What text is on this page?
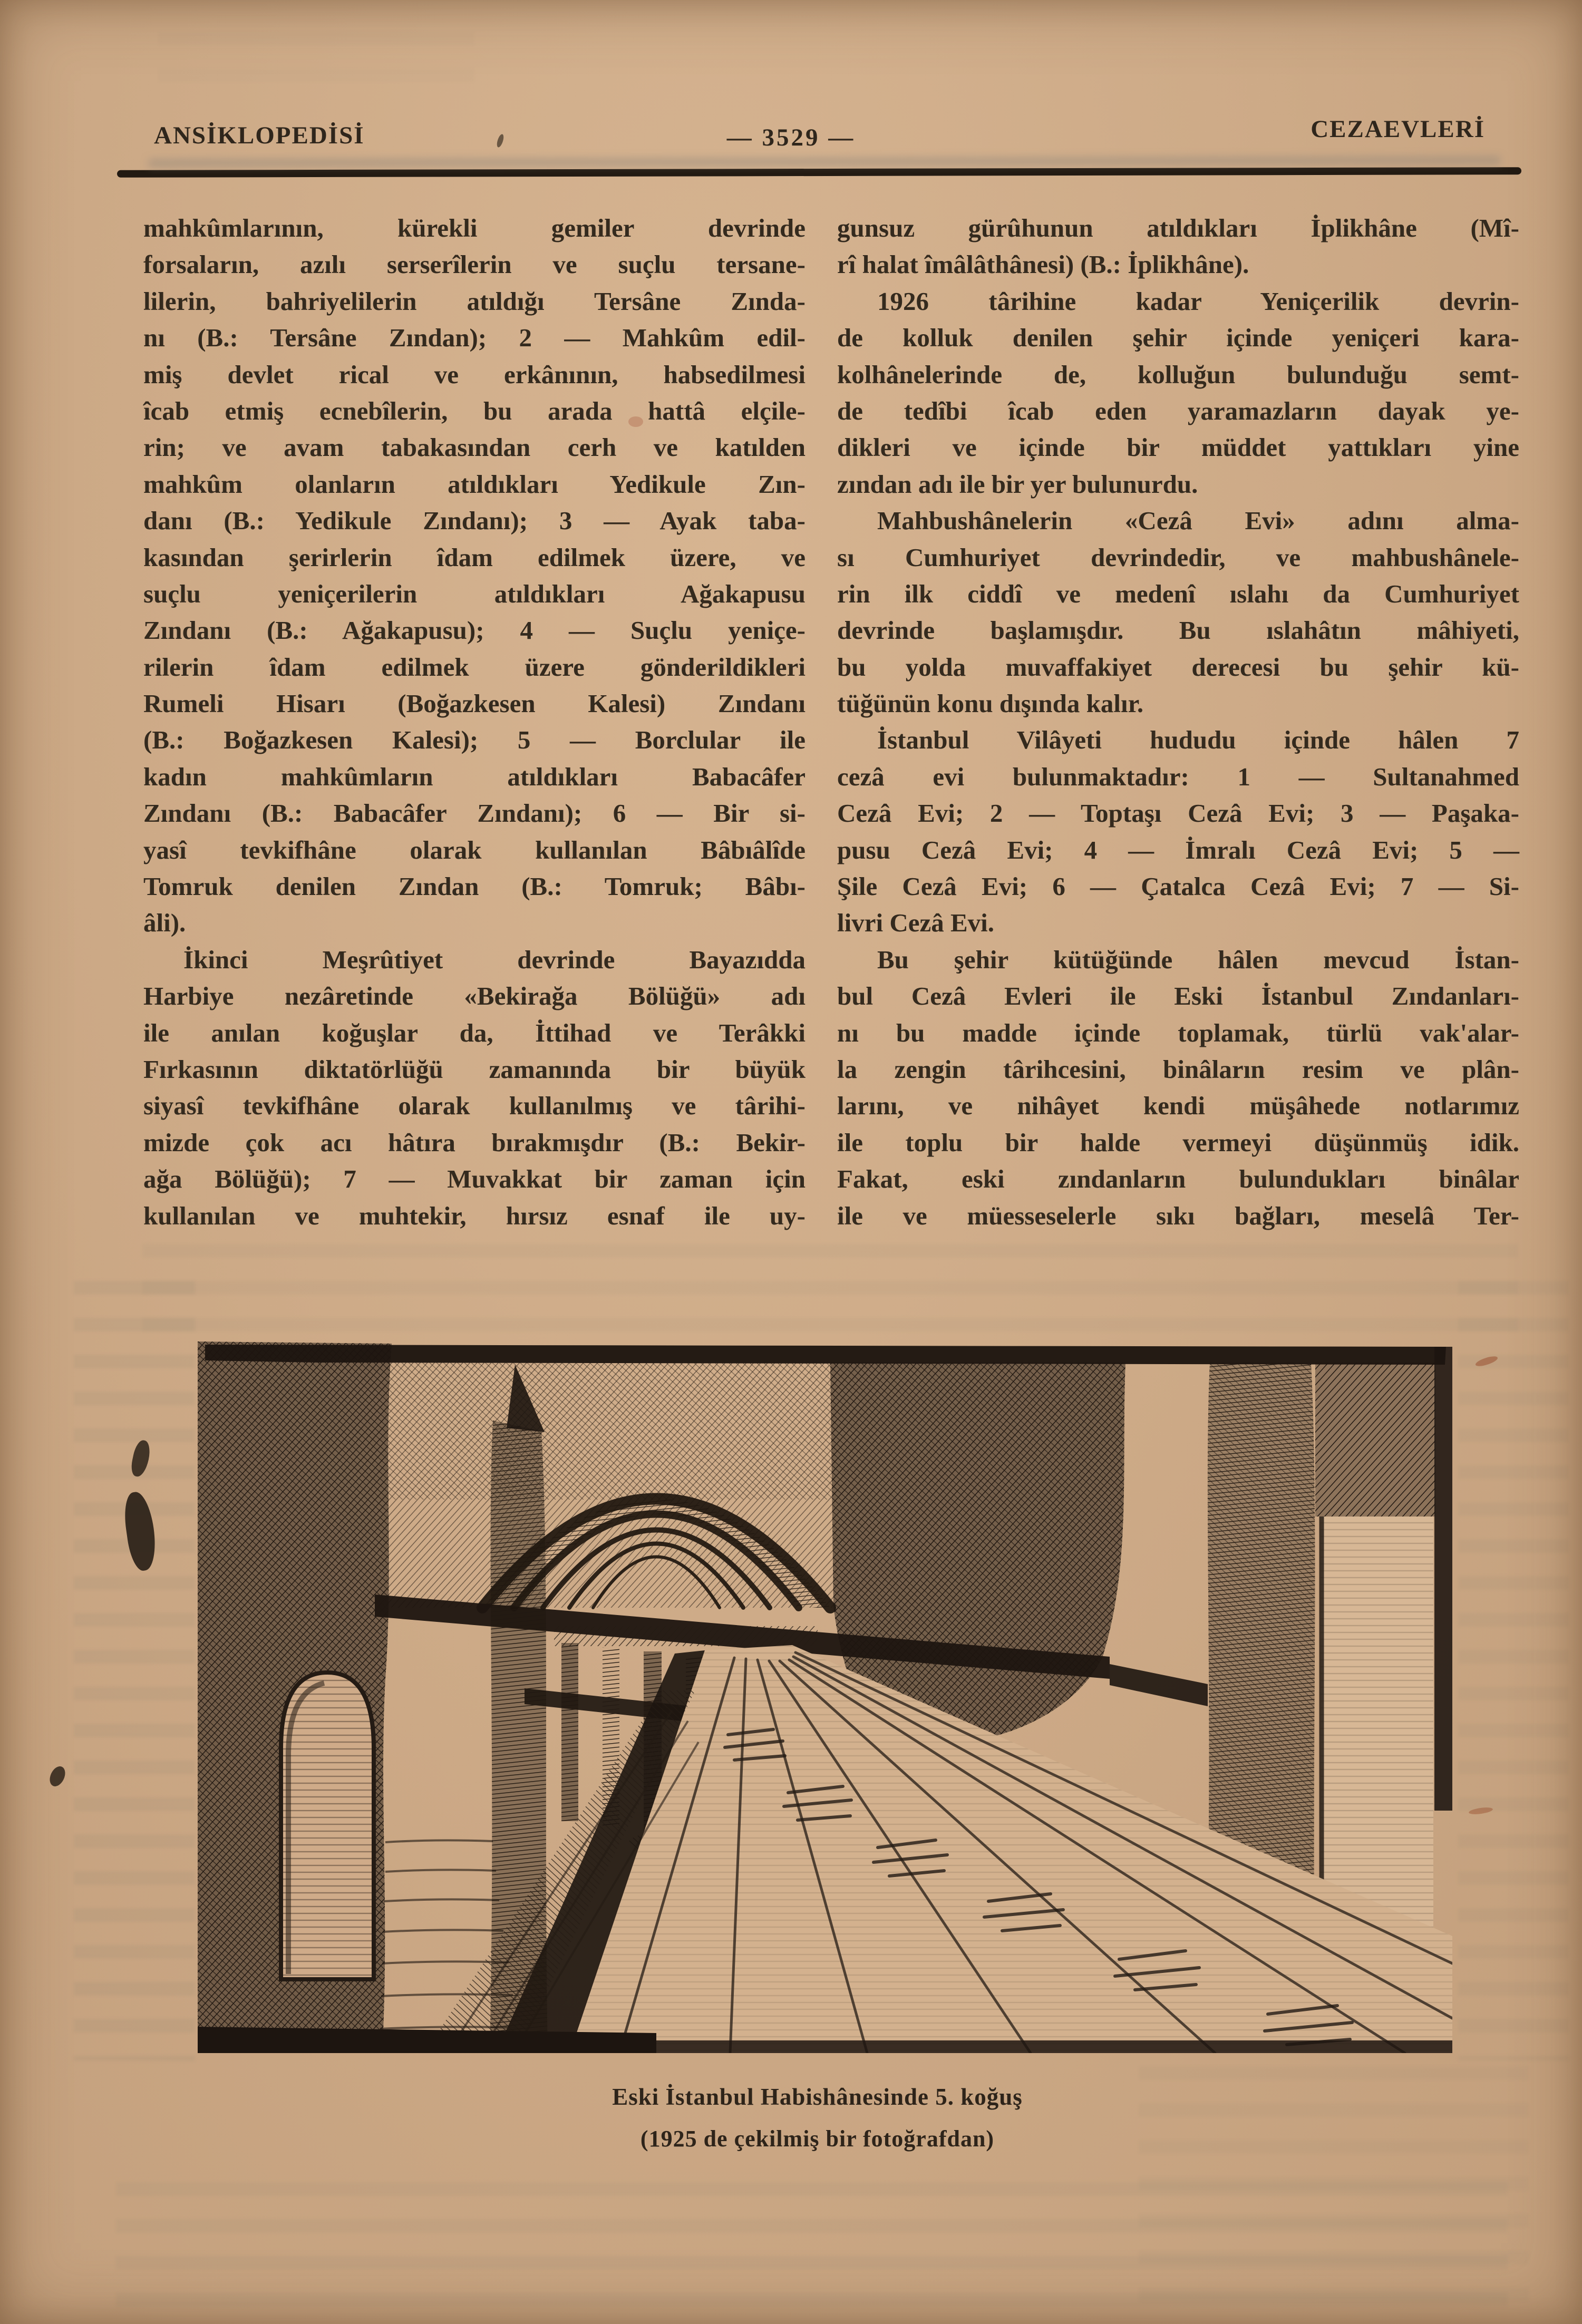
ANSİKLOPEDİSİ	— 3529 —	CEZAEVLERİ
mahkûmlarının, kürekli gemiler devrinde
forsaların, azılı serserîlerin ve suçlu tersane-
lilerin, bahriyelilerin atıldığı Tersâne Zında-
nı (B.: Tersâne Zından); 2 — Mahkûm edil-
miş devlet rical ve erkânının, habsedilmesi
îcab etmiş ecnebîlerin, bu arada hattâ elçile-
rin; ve avam tabakasından cerh ve katılden
mahkûm olanların atıldıkları Yedikule Zın-
danı (B.: Yedikule Zındanı); 3 — Ayak taba-
kasından şerirlerin îdam edilmek üzere, ve
suçlu yeniçerilerin atıldıkları Ağakapusu
Zındanı (B.: Ağakapusu); 4 — Suçlu yeniçe-
rilerin îdam edilmek üzere gönderildikleri
Rumeli Hisarı (Boğazkesen Kalesi) Zındanı
(B.: Boğazkesen Kalesi); 5 — Borclular ile
kadın mahkûmların atıldıkları Babacâfer
Zındanı (B.: Babacâfer Zındanı); 6 — Bir si-
yasî tevkifhâne olarak kullanılan Bâbıâlîde
Tomruk denilen Zından (B.: Tomruk; Bâbı-
âli).
İkinci Meşrûtiyet devrinde Bayazıdda
Harbiye nezâretinde «Bekirağa Bölüğü» adı
ile anılan koğuşlar da, İttihad ve Terâkki
Fırkasının diktatörlüğü zamanında bir büyük
siyasî tevkifhâne olarak kullanılmış ve târihi-
mizde çok acı hâtıra bırakmışdır (B.: Bekir-
ağa Bölüğü); 7 — Muvakkat bir zaman için
kullanılan ve muhtekir, hırsız esnaf ile uy-
gunsuz gürûhunun atıldıkları İplikhâne (Mî-
rî halat îmâlâthânesi) (B.: İplikhâne).
1926 târihine kadar Yeniçerilik devrin-
de kolluk denilen şehir içinde yeniçeri kara-
kolhânelerinde de, kolluğun bulunduğu semt-
de tedîbi îcab eden yaramazların dayak ye-
dikleri ve içinde bir müddet yattıkları yine
zından adı ile bir yer bulunurdu.
Mahbushânelerin «Cezâ Evi» adını alma-
sı Cumhuriyet devrindedir, ve mahbushânele-
rin ilk ciddî ve medenî ıslahı da Cumhuriyet
devrinde başlamışdır. Bu ıslahâtın mâhiyeti,
bu yolda muvaffakiyet derecesi bu şehir kü-
tüğünün konu dışında kalır.
İstanbul Vilâyeti hududu içinde hâlen 7
cezâ evi bulunmaktadır: 1 — Sultanahmed
Cezâ Evi; 2 — Toptaşı Cezâ Evi; 3 — Paşaka-
pusu Cezâ Evi; 4 — İmralı Cezâ Evi; 5 —
Şile Cezâ Evi; 6 — Çatalca Cezâ Evi; 7 — Si-
livri Cezâ Evi.
Bu şehir kütüğünde hâlen mevcud İstan-
bul Cezâ Evleri ile Eski İstanbul Zındanları-
nı bu madde içinde toplamak, türlü vak'alar-
la zengin târihcesini, binâların resim ve plân-
larını, ve nihâyet kendi müşâhede notlarımız
ile toplu bir halde vermeyi düşünmüş idik.
Fakat, eski zındanların bulundukları binâlar
ile ve müesseselerle sıkı bağları, meselâ Ter-
Eski İstanbul Habishânesinde 5. koğuş
(1925 de çekilmiş bir fotoğrafdan)
